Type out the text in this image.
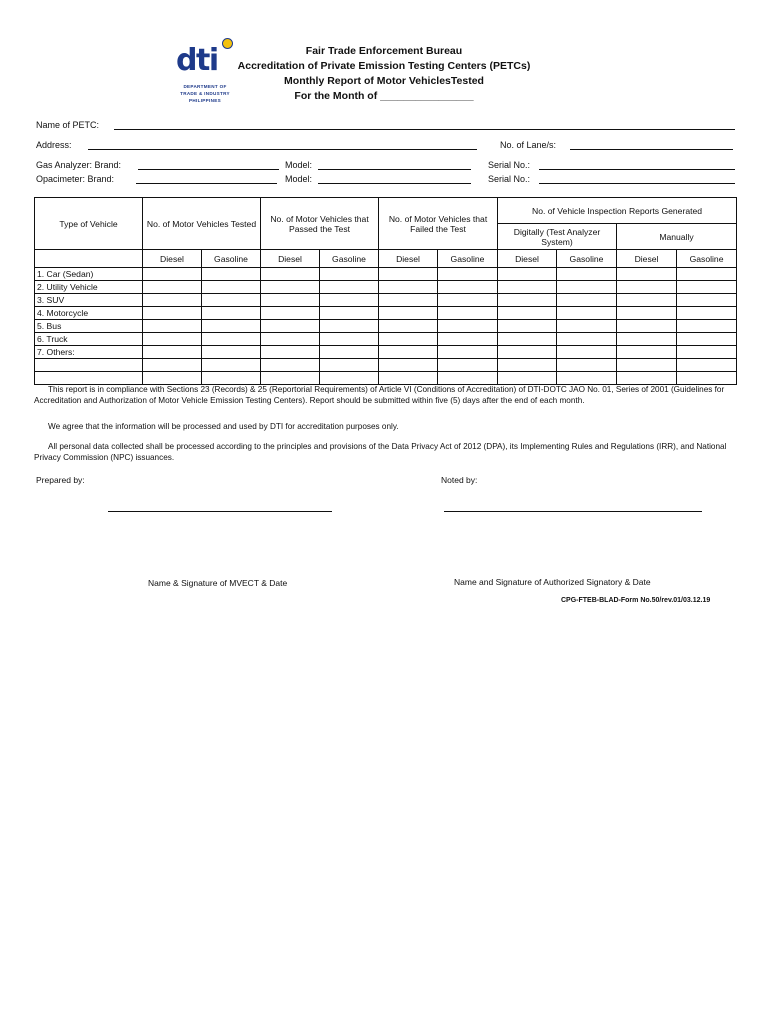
dti
DEPARTMENT OF
TRADE & INDUSTRY
PHILIPPINES
Fair Trade Enforcement Bureau
Accreditation of Private Emission Testing Centers (PETCs)
Monthly Report of Motor VehiclesTested
For the Month of ________________
Name of PETC:
Address:	No. of Lane/s:
Gas Analyzer: Brand:	Model:	Serial No.:
Opacimeter: Brand:	Model:	Serial No.:
Type of Vehicle	No. of Motor Vehicles Tested		No. of Motor Vehicles that Passed the Test		No. of Motor Vehicles that Failed the Test		No. of Vehicle Inspection Reports Generated			
							Digitally (Test Analyzer System)		Manually	
	Diesel	Gasoline	Diesel	Gasoline	Diesel	Gasoline	Diesel	Gasoline	Diesel	Gasoline
1. Car (Sedan)										
2. Utility Vehicle										
3. SUV										
4. Motorcycle										
5. Bus										
6. Truck										
7. Others:										

This report is in compliance with Sections 23 (Records) & 25 (Reportorial Requirements) of Article VI (Conditions of Accreditation) of DTI-DOTC JAO No. 01, Series of 2001 (Guidelines for Accreditation and Authorization of Motor Vehicle Emission Testing Centers). Report should be submitted within five (5) days after the end of each month.
We agree that the information will be processed and used by DTI for accreditation purposes only.
All personal data collected shall be processed according to the principles and provisions of the Data Privacy Act of 2012 (DPA), its Implementing Rules and Regulations (IRR), and National Privacy Commission (NPC) issuances.
Prepared by:	Noted by:
Name & Signature of MVECT & Date	Name and Signature of Authorized Signatory & Date
CPG-FTEB-BLAD-Form No.50/rev.01/03.12.19
